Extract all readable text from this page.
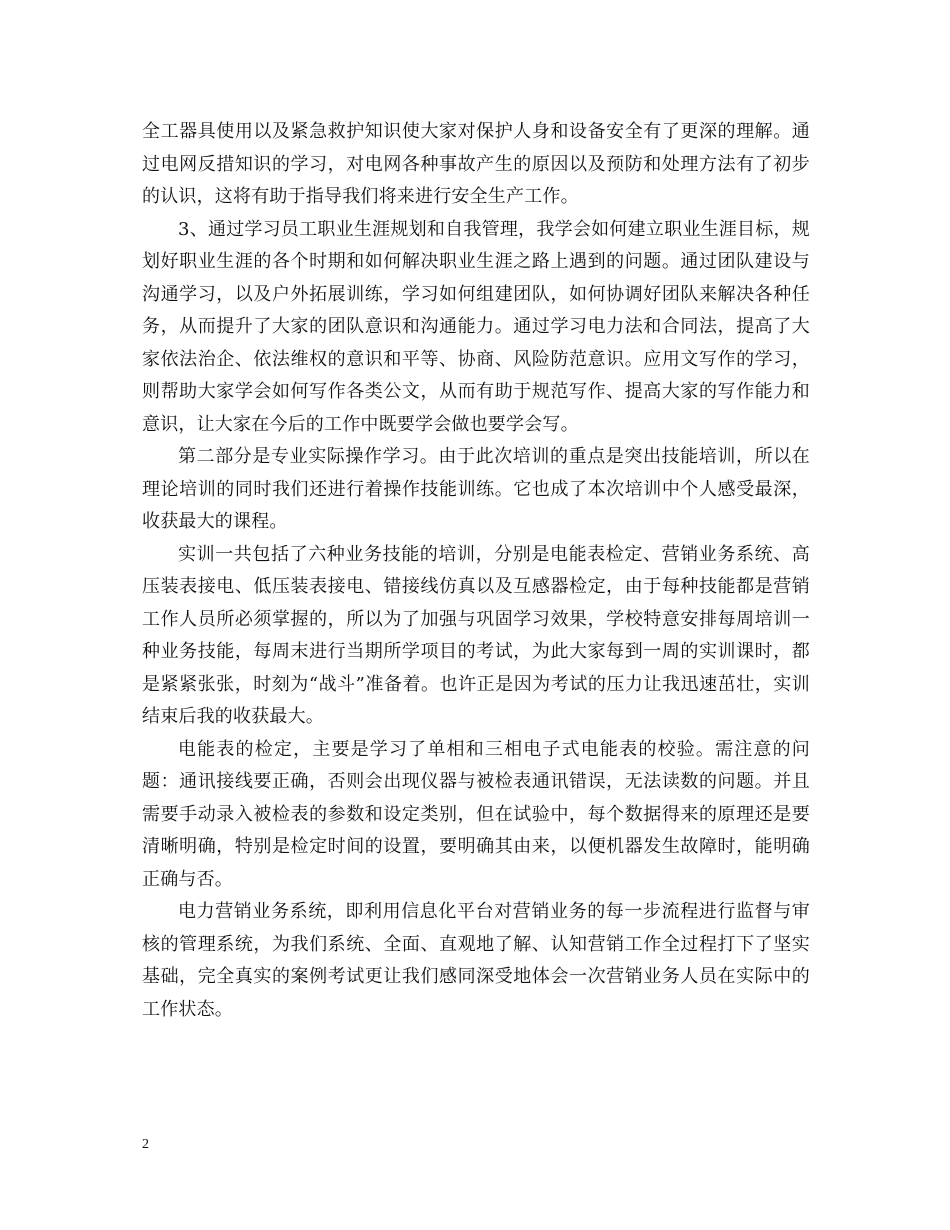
全工器具使用以及紧急救护知识使大家对保护人身和设备安全有了更深的理解。通过电网反措知识的学习，对电网各种事故产生的原因以及预防和处理方法有了初步的认识，这将有助于指导我们将来进行安全生产工作。

3、通过学习员工职业生涯规划和自我管理，我学会如何建立职业生涯目标，规划好职业生涯的各个时期和如何解决职业生涯之路上遇到的问题。通过团队建设与沟通学习，以及户外拓展训练，学习如何组建团队，如何协调好团队来解决各种任务，从而提升了大家的团队意识和沟通能力。通过学习电力法和合同法，提高了大家依法治企、依法维权的意识和平等、协商、风险防范意识。应用文写作的学习，则帮助大家学会如何写作各类公文，从而有助于规范写作、提高大家的写作能力和意识，让大家在今后的工作中既要学会做也要学会写。

第二部分是专业实际操作学习。由于此次培训的重点是突出技能培训，所以在理论培训的同时我们还进行着操作技能训练。它也成了本次培训中个人感受最深，收获最大的课程。

实训一共包括了六种业务技能的培训，分别是电能表检定、营销业务系统、高压装表接电、低压装表接电、错接线仿真以及互感器检定，由于每种技能都是营销工作人员所必须掌握的，所以为了加强与巩固学习效果，学校特意安排每周培训一种业务技能，每周末进行当期所学项目的考试，为此大家每到一周的实训课时，都是紧紧张张，时刻为“战斗”准备着。也许正是因为考试的压力让我迅速茁壮，实训结束后我的收获最大。

电能表的检定，主要是学习了单相和三相电子式电能表的校验。需注意的问题：通讯接线要正确，否则会出现仪器与被检表通讯错误，无法读数的问题。并且需要手动录入被检表的参数和设定类别，但在试验中，每个数据得来的原理还是要清晰明确，特别是检定时间的设置，要明确其由来，以便机器发生故障时，能明确正确与否。

电力营销业务系统，即利用信息化平台对营销业务的每一步流程进行监督与审核的管理系统，为我们系统、全面、直观地了解、认知营销工作全过程打下了坚实基础，完全真实的案例考试更让我们感同深受地体会一次营销业务人员在实际中的工作状态。

2
